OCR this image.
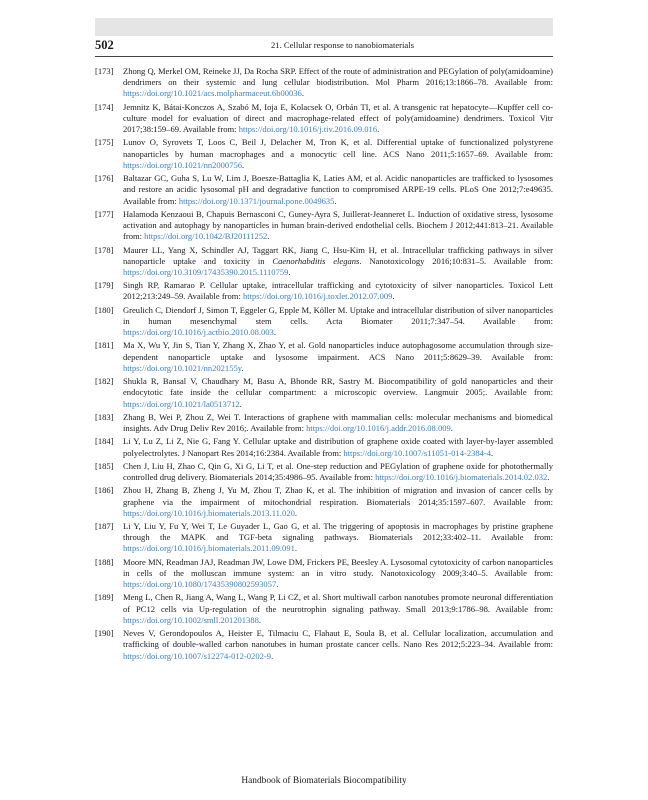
502	21. Cellular response to nanobiomaterials
[173] Zhong Q, Merkel OM, Reineke JJ, Da Rocha SRP. Effect of the route of administration and PEGylation of poly(amidoamine) dendrimers on their systemic and lung cellular biodistribution. Mol Pharm 2016;13:1866–78. Available from: https://doi.org/10.1021/acs.molpharmaceut.6b00036.
[174] Jemnitz K, Bátai-Konczos A, Szabó M, Ioja E, Kolacsek O, Orbán TI, et al. A transgenic rat hepatocyte—Kupffer cell co-culture model for evaluation of direct and macrophage-related effect of poly(amidoamine) dendrimers. Toxicol Vitr 2017;38:159–69. Available from: https://doi.org/10.1016/j.tiv.2016.09.016.
[175] Lunov O, Syrovets T, Loos C, Beil J, Delacher M, Tron K, et al. Differential uptake of functionalized polystyrene nanoparticles by human macrophages and a monocytic cell line. ACS Nano 2011;5:1657–69. Available from: https://doi.org/10.1021/nn2000756.
[176] Baltazar GC, Guha S, Lu W, Lim J, Boesze-Battaglia K, Laties AM, et al. Acidic nanoparticles are trafficked to lysosomes and restore an acidic lysosomal pH and degradative function to compromised ARPE-19 cells. PLoS One 2012;7:e49635. Available from: https://doi.org/10.1371/journal.pone.0049635.
[177] Halamoda Kenzaoui B, Chapuis Bernasconi C, Guney-Ayra S, Juillerat-Jeanneret L. Induction of oxidative stress, lysosome activation and autophagy by nanoparticles in human brain-derived endothelial cells. Biochem J 2012;441:813–21. Available from: https://doi.org/10.1042/BJ20111252.
[178] Maurer LL, Yang X, Schindler AJ, Taggart RK, Jiang C, Hsu-Kim H, et al. Intracellular trafficking pathways in silver nanoparticle uptake and toxicity in Caenorhabditis elegans. Nanotoxicology 2016;10:831–5. Available from: https://doi.org/10.3109/17435390.2015.1110759.
[179] Singh RP, Ramarao P. Cellular uptake, intracellular trafficking and cytotoxicity of silver nanoparticles. Toxicol Lett 2012;213:249–59. Available from: https://doi.org/10.1016/j.toxlet.2012.07.009.
[180] Greulich C, Diendorf J, Simon T, Eggeler G, Epple M, Köller M. Uptake and intracellular distribution of silver nanoparticles in human mesenchymal stem cells. Acta Biomater 2011;7:347–54. Available from: https://doi.org/10.1016/j.actbio.2010.08.003.
[181] Ma X, Wu Y, Jin S, Tian Y, Zhang X, Zhao Y, et al. Gold nanoparticles induce autophagosome accumulation through size-dependent nanoparticle uptake and lysosome impairment. ACS Nano 2011;5:8629–39. Available from: https://doi.org/10.1021/nn202155y.
[182] Shukla R, Bansal V, Chaudhary M, Basu A, Bhonde RR, Sastry M. Biocompatibility of gold nanoparticles and their endocytotic fate inside the cellular compartment: a microscopic overview. Langmuir 2005;. Available from: https://doi.org/10.1021/la0513712.
[183] Zhang B, Wei P, Zhou Z, Wei T. Interactions of graphene with mammalian cells: molecular mechanisms and biomedical insights. Adv Drug Deliv Rev 2016;. Available from: https://doi.org/10.1016/j.addr.2016.08.009.
[184] Li Y, Lu Z, Li Z, Nie G, Fang Y. Cellular uptake and distribution of graphene oxide coated with layer-by-layer assembled polyelectrolytes. J Nanopart Res 2014;16:2384. Available from: https://doi.org/10.1007/s11051-014-2384-4.
[185] Chen J, Liu H, Zhao C, Qin G, Xi G, Li T, et al. One-step reduction and PEGylation of graphene oxide for photothermally controlled drug delivery. Biomaterials 2014;35:4986–95. Available from: https://doi.org/10.1016/j.biomaterials.2014.02.032.
[186] Zhou H, Zhang B, Zheng J, Yu M, Zhou T, Zhao K, et al. The inhibition of migration and invasion of cancer cells by graphene via the impairment of mitochondrial respiration. Biomaterials 2014;35:1597–607. Available from: https://doi.org/10.1016/j.biomaterials.2013.11.020.
[187] Li Y, Liu Y, Fu Y, Wei T, Le Guyader L, Gao G, et al. The triggering of apoptosis in macrophages by pristine graphene through the MAPK and TGF-beta signaling pathways. Biomaterials 2012;33:402–11. Available from: https://doi.org/10.1016/j.biomaterials.2011.09.091.
[188] Moore MN, Readman JAJ, Readman JW, Lowe DM, Frickers PE, Beesley A. Lysosomal cytotoxicity of carbon nanoparticles in cells of the molluscan immune system: an in vitro study. Nanotoxicology 2009;3:40–5. Available from: https://doi.org/10.1080/17435390802593057.
[189] Meng L, Chen R, Jiang A, Wang L, Wang P, Li CZ, et al. Short multiwall carbon nanotubes promote neuronal differentiation of PC12 cells via Up-regulation of the neurotrophin signaling pathway. Small 2013;9:1786–98. Available from: https://doi.org/10.1002/smll.201201388.
[190] Neves V, Gerondopoulos A, Heister E, Tilmaciu C, Flahaut E, Soula B, et al. Cellular localization, accumulation and trafficking of double-walled carbon nanotubes in human prostate cancer cells. Nano Res 2012;5:223–34. Available from: https://doi.org/10.1007/s12274-012-0202-9.
Handbook of Biomaterials Biocompatibility
